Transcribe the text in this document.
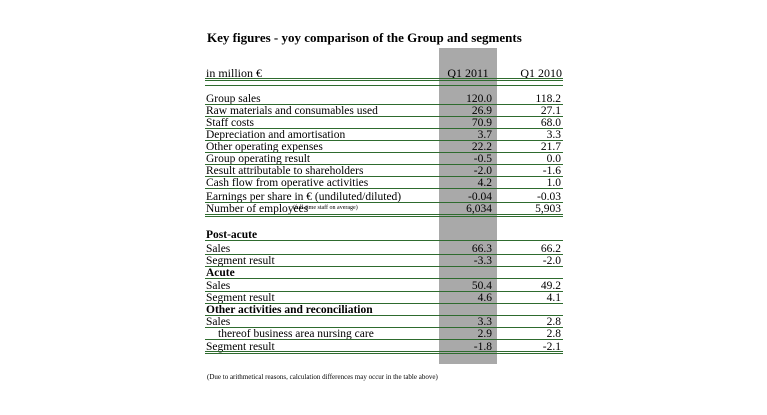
Key figures - yoy comparison of the Group and segments
in million €	Q1 2011	Q1 2010
Group sales	120.0	118.2
Raw materials and consumables used	26.9	27.1
Staff costs	70.9	68.0
Depreciation and amortisation	3.7	3.3
Other operating expenses	22.2	21.7
Group operating result	-0.5	0.0
Result attributable to shareholders	-2.0	-1.6
Cash flow from operative activities	4.2	1.0
Earnings per share in € (undiluted/diluted)	-0.04	-0.03
Number of employees	6,034	5,903
(full-time staff on average)
Post-acute
Sales	66.3	66.2
Segment result	-3.3	-2.0
Acute
Sales	50.4	49.2
Segment result	4.6	4.1
Other activities and reconciliation
Sales	3.3	2.8
thereof business area nursing care	2.9	2.8
Segment result	-1.8	-2.1
(Due to arithmetical reasons, calculation differences may occur in the table above)
